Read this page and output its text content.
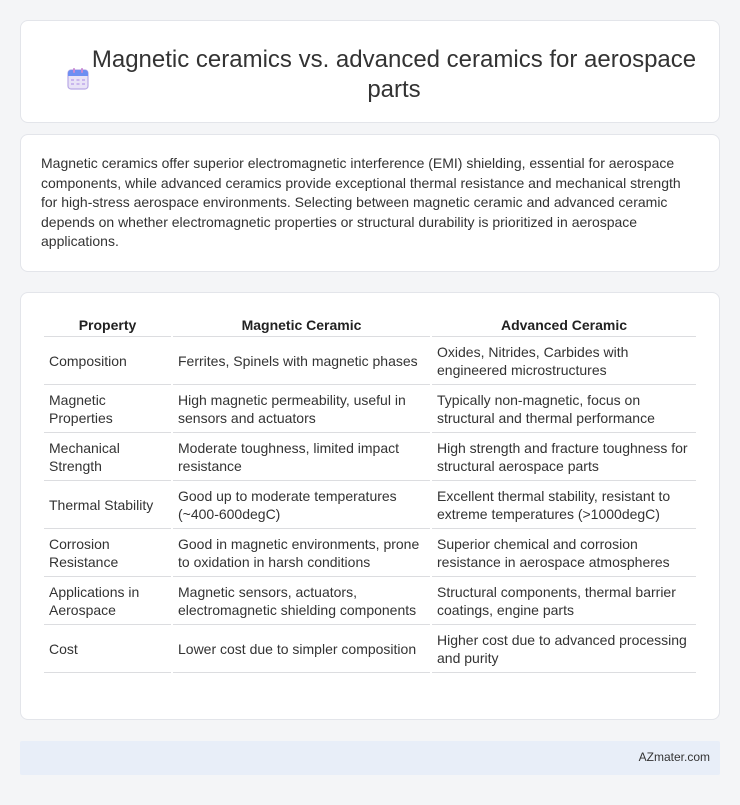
Magnetic ceramics vs. advanced ceramics for aerospace parts

Magnetic ceramics offer superior electromagnetic interference (EMI) shielding, essential for aerospace components, while advanced ceramics provide exceptional thermal resistance and mechanical strength for high-stress aerospace environments. Selecting between magnetic ceramic and advanced ceramic depends on whether electromagnetic properties or structural durability is prioritized in aerospace applications.

Property	Magnetic Ceramic	Advanced Ceramic
Composition	Ferrites, Spinels with magnetic phases	Oxides, Nitrides, Carbides with engineered microstructures
Magnetic Properties	High magnetic permeability, useful in sensors and actuators	Typically non-magnetic, focus on structural and thermal performance
Mechanical Strength	Moderate toughness, limited impact resistance	High strength and fracture toughness for structural aerospace parts
Thermal Stability	Good up to moderate temperatures (~400-600degC)	Excellent thermal stability, resistant to extreme temperatures (>1000degC)
Corrosion Resistance	Good in magnetic environments, prone to oxidation in harsh conditions	Superior chemical and corrosion resistance in aerospace atmospheres
Applications in Aerospace	Magnetic sensors, actuators, electromagnetic shielding components	Structural components, thermal barrier coatings, engine parts
Cost	Lower cost due to simpler composition	Higher cost due to advanced processing and purity
AZmater.com
